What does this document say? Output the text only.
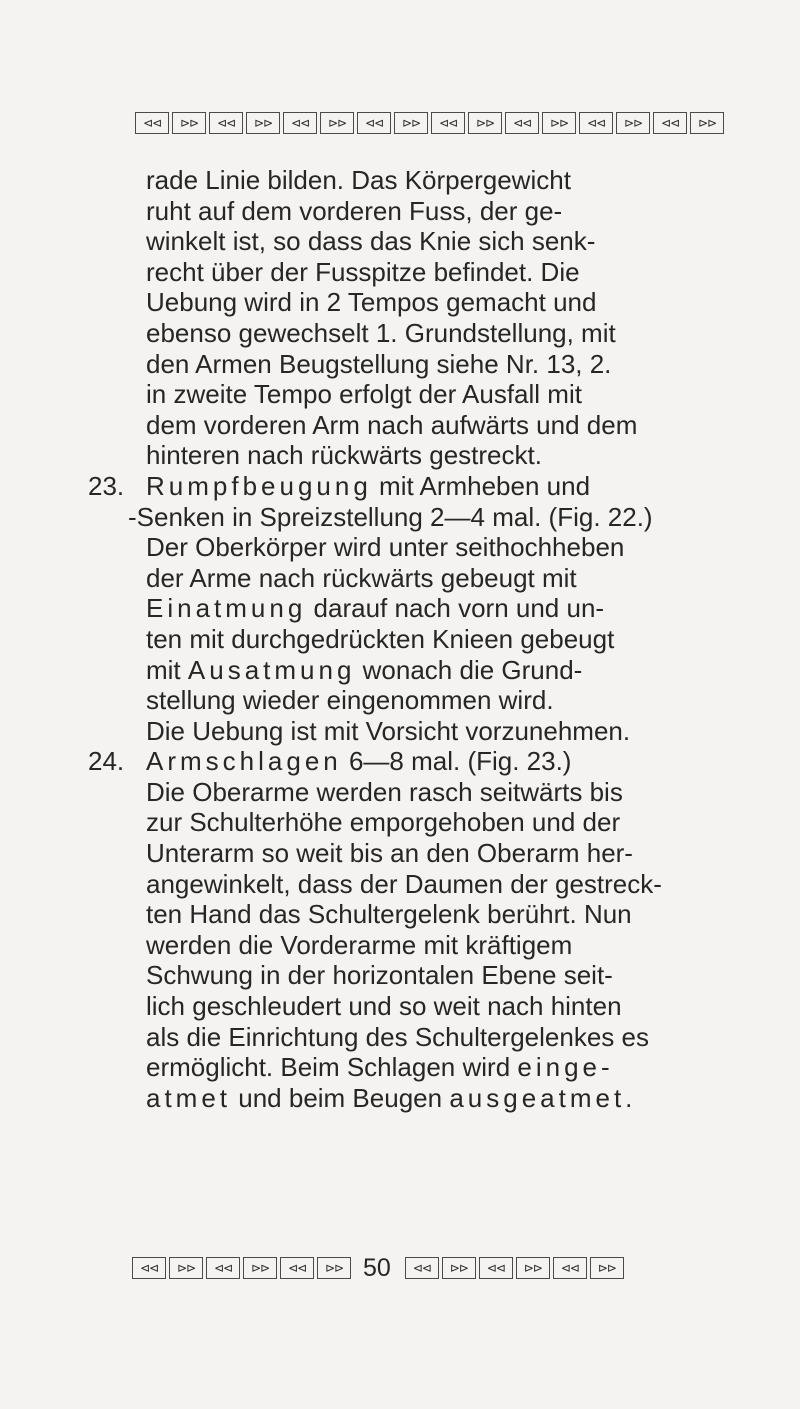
⊲⊲ ⊳⊳ ⊲⊲ ⊳⊳ ⊲⊲ ⊳⊳ ⊲⊲ ⊳⊳ ⊲⊲ ⊳⊳ ⊲⊲ ⊳⊳ ⊲⊲ ⊳⊳ ⊲⊲ ⊳⊳
rade Linie bilden. Das Körpergewicht
ruht auf dem vorderen Fuss, der ge-
winkelt ist, so dass das Knie sich senk-
recht über der Fusspitze befindet. Die
Uebung wird in 2 Tempos gemacht und
ebenso gewechselt 1. Grundstellung, mit
den Armen Beugstellung siehe Nr. 13, 2.
in zweite Tempo erfolgt der Ausfall mit
dem vorderen Arm nach aufwärts und dem
hinteren nach rückwärts gestreckt.
23. Rumpfbeugung mit Armheben und
-Senken in Spreizstellung 2—4 mal. (Fig. 22.)
Der Oberkörper wird unter seithochheben
der Arme nach rückwärts gebeugt mit
Einatmung darauf nach vorn und un-
ten mit durchgedrückten Knieen gebeugt
mit Ausatmung wonach die Grund-
stellung wieder eingenommen wird.
Die Uebung ist mit Vorsicht vorzunehmen.
24. Armschlagen 6—8 mal. (Fig. 23.)
Die Oberarme werden rasch seitwärts bis
zur Schulterhöhe emporgehoben und der
Unterarm so weit bis an den Oberarm her-
angewinkelt, dass der Daumen der gestreck-
ten Hand das Schultergelenk berührt. Nun
werden die Vorderarme mit kräftigem
Schwung in der horizontalen Ebene seit-
lich geschleudert und so weit nach hinten
als die Einrichtung des Schultergelenkes es
ermöglicht. Beim Schlagen wird einge-
atmet und beim Beugen ausgeatmet.
⊲⊲ ⊳⊳ ⊲⊲ ⊳⊳ ⊲⊲ ⊳⊳ 50 ⊲⊲ ⊳⊳ ⊲⊲ ⊳⊳ ⊲⊲ ⊳⊳
